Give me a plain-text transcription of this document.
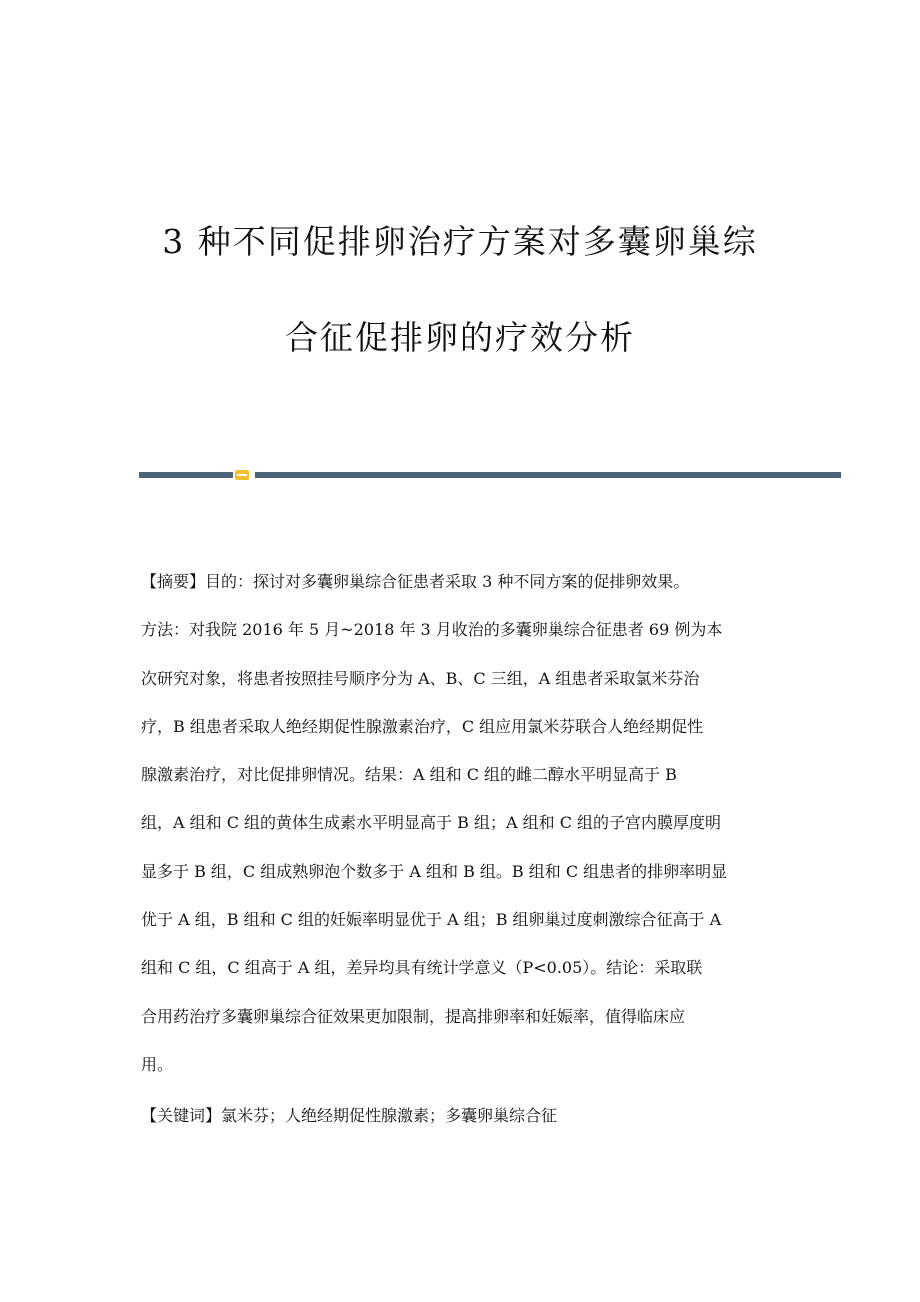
3 种不同促排卵治疗方案对多囊卵巢综
合征促排卵的疗效分析
【摘要】目的：探讨对多囊卵巢综合征患者采取 3 种不同方案的促排卵效果。
方法：对我院 2016 年 5 月~2018 年 3 月收治的多囊卵巢综合征患者 69 例为本
次研究对象，将患者按照挂号顺序分为 A、B、C 三组，A 组患者采取氯米芬治
疗，B 组患者采取人绝经期促性腺激素治疗，C 组应用氯米芬联合人绝经期促性
腺激素治疗，对比促排卵情况。结果：A 组和 C 组的雌二醇水平明显高于 B
组，A 组和 C 组的黄体生成素水平明显高于 B 组；A 组和 C 组的子宫内膜厚度明
显多于 B 组，C 组成熟卵泡个数多于 A 组和 B 组。B 组和 C 组患者的排卵率明显
优于 A 组，B 组和 C 组的妊娠率明显优于 A 组；B 组卵巢过度刺激综合征高于 A
组和 C 组，C 组高于 A 组，差异均具有统计学意义（P<0.05）。结论：采取联
合用药治疗多囊卵巢综合征效果更加限制，提高排卵率和妊娠率，值得临床应
用。
【关键词】氯米芬；人绝经期促性腺激素；多囊卵巢综合征
